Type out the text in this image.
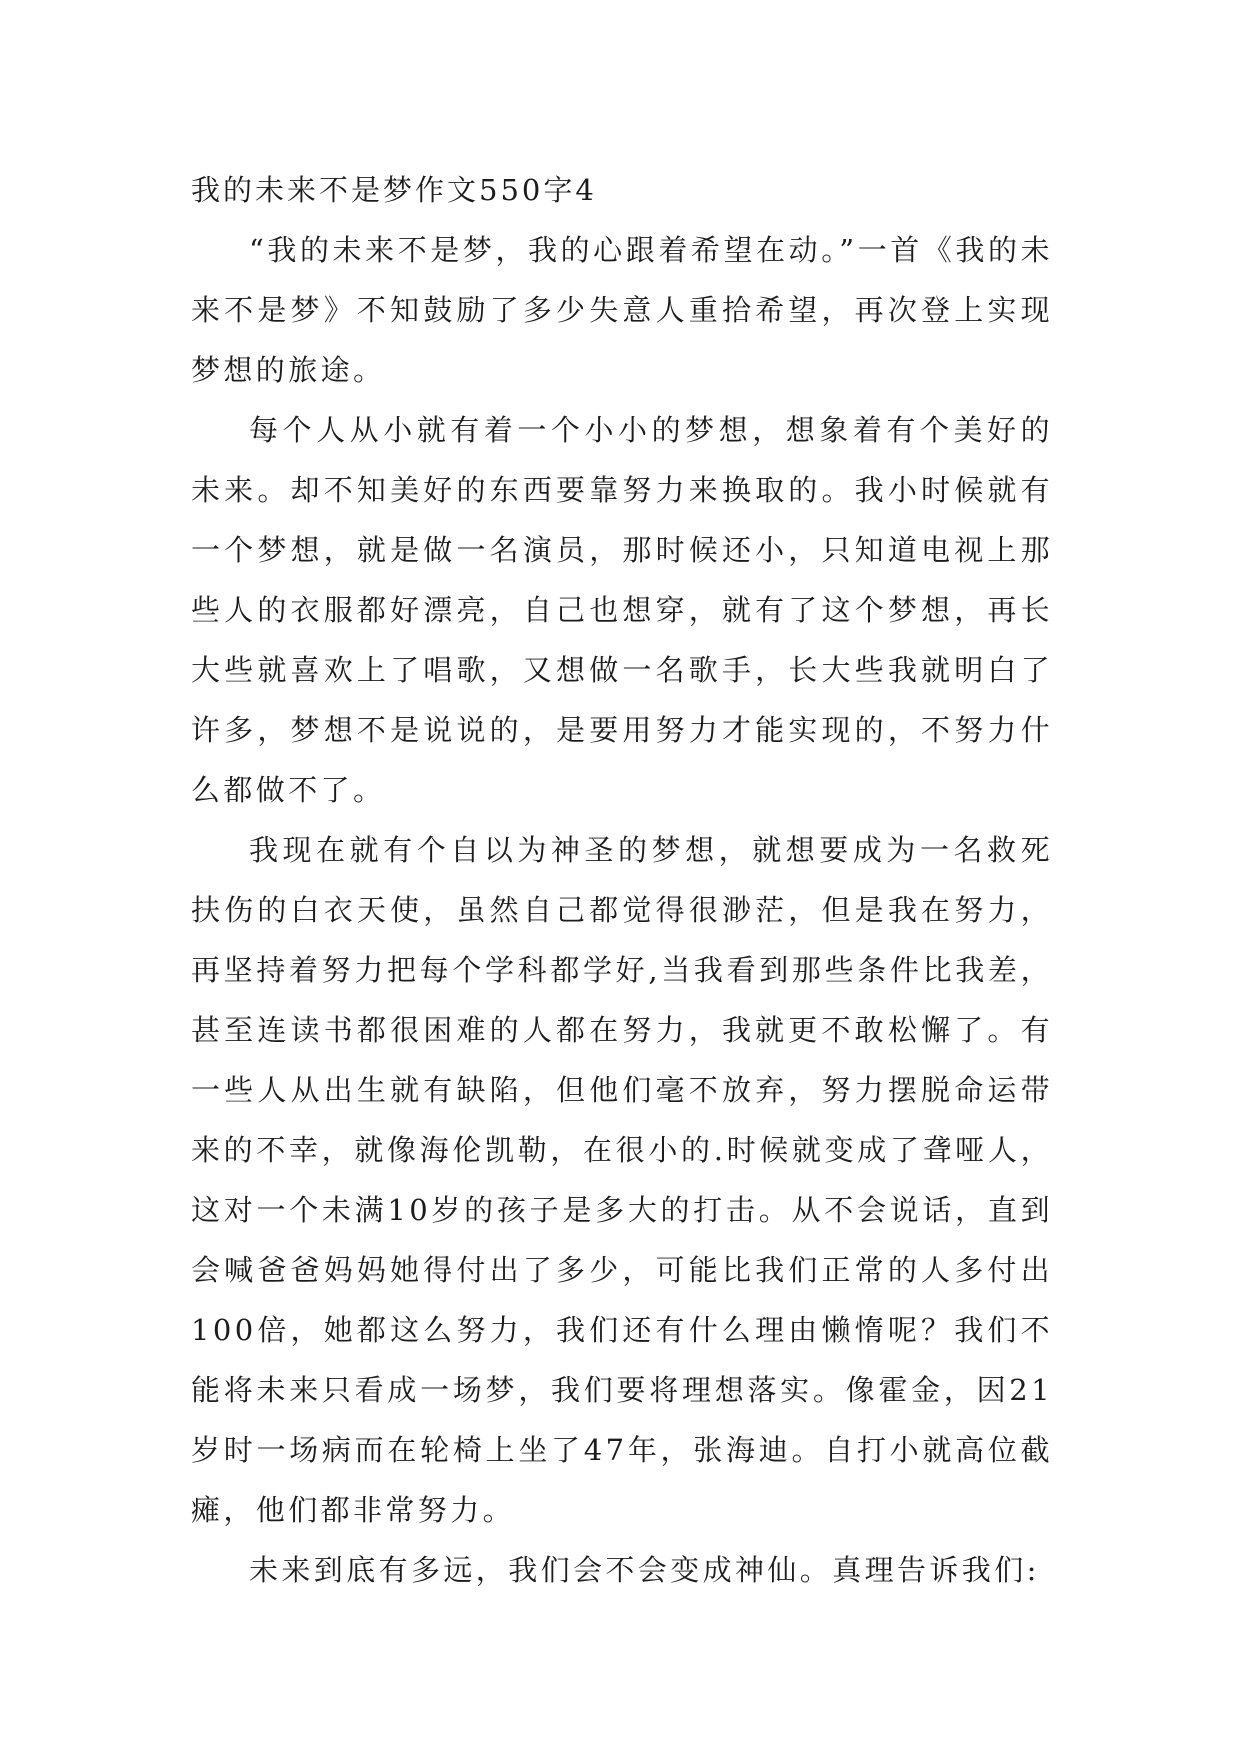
我的未来不是梦作文550字4

“我的未来不是梦，我的心跟着希望在动。”一首《我的未来不是梦》不知鼓励了多少失意人重拾希望，再次登上实现梦想的旅途。

每个人从小就有着一个小小的梦想，想象着有个美好的未来。却不知美好的东西要靠努力来换取的。我小时候就有一个梦想，就是做一名演员，那时候还小，只知道电视上那些人的衣服都好漂亮，自己也想穿，就有了这个梦想，再长大些就喜欢上了唱歌，又想做一名歌手，长大些我就明白了许多，梦想不是说说的，是要用努力才能实现的，不努力什么都做不了。

我现在就有个自以为神圣的梦想，就想要成为一名救死扶伤的白衣天使，虽然自己都觉得很渺茫，但是我在努力，再坚持着努力把每个学科都学好,当我看到那些条件比我差，甚至连读书都很困难的人都在努力，我就更不敢松懈了。有一些人从出生就有缺陷，但他们毫不放弃，努力摆脱命运带来的不幸，就像海伦凯勒，在很小的.时候就变成了聋哑人，这对一个未满10岁的孩子是多大的打击。从不会说话，直到会喊爸爸妈妈她得付出了多少，可能比我们正常的人多付出100倍，她都这么努力，我们还有什么理由懒惰呢？我们不能将未来只看成一场梦，我们要将理想落实。像霍金，因21岁时一场病而在轮椅上坐了47年，张海迪。自打小就高位截瘫，他们都非常努力。

未来到底有多远，我们会不会变成神仙。真理告诉我们:
